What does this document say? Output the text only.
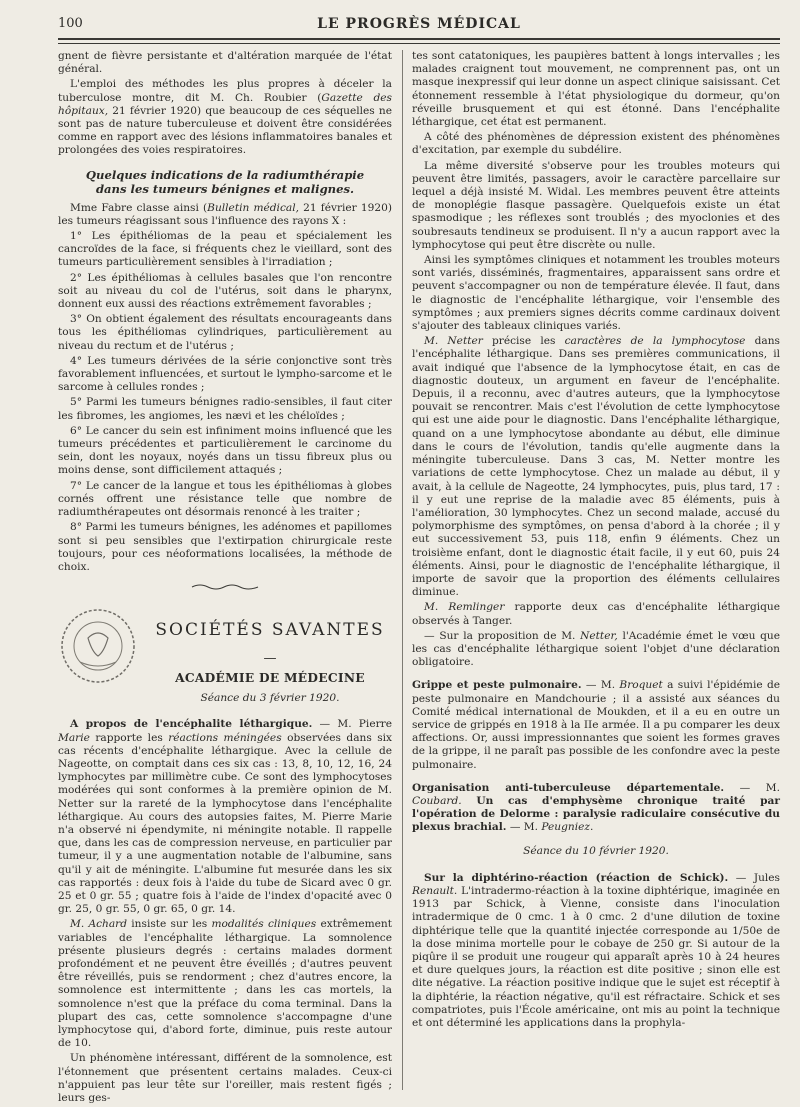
100	LE PROGRÈS MÉDICAL

gnent de fièvre persistante et d'altération marquée de l'état général.

L'emploi des méthodes les plus propres à déceler la tuberculose montre, dit M. Ch. Roubier (Gazette des hôpitaux, 21 février 1920) que beaucoup de ces séquelles ne sont pas de nature tuberculeuse et doivent être considérées comme en rapport avec des lésions inflammatoires banales et prolongées des voies respiratoires.

Quelques indications de la radiumthérapie dans les tumeurs bénignes et malignes.

Mme Fabre classe ainsi (Bulletin médical, 21 février 1920) les tumeurs réagissant sous l'influence des rayons X :

1° Les épithéliomas de la peau et spécialement les cancroïdes de la face, si fréquents chez le vieillard, sont des tumeurs particulièrement sensibles à l'irradiation ;

2° Les épithéliomas à cellules basales que l'on rencontre soit au niveau du col de l'utérus, soit dans le pharynx, donnent eux aussi des réactions extrêmement favorables ;

3° On obtient également des résultats encourageants dans tous les épithéliomas cylindriques, particulièrement au niveau du rectum et de l'utérus ;

4° Les tumeurs dérivées de la série conjonctive sont très favorablement influencées, et surtout le lympho-sarcome et le sarcome à cellules rondes ;

5° Parmi les tumeurs bénignes radio-sensibles, il faut citer les fibromes, les angiomes, les nævi et les chéloïdes ;

6° Le cancer du sein est infiniment moins influencé que les tumeurs précédentes et particulièrement le carcinome du sein, dont les noyaux, noyés dans un tissu fibreux plus ou moins dense, sont difficilement attaqués ;

7° Le cancer de la langue et tous les épithéliomas à globes cornés offrent une résistance telle que nombre de radiumthérapeutes ont désormais renoncé à les traiter ;

8° Parmi les tumeurs bénignes, les adénomes et papillomes sont si peu sensibles que l'extirpation chirurgicale reste toujours, pour ces néoformations localisées, la méthode de choix.

SOCIÉTÉS SAVANTES
—
ACADÉMIE DE MÉDECINE
Séance du 3 février 1920.

A propos de l'encéphalite léthargique. — M. Pierre Marie rapporte les réactions méningées observées dans six cas récents d'encéphalite léthargique. Avec la cellule de Nageotte, on comptait dans ces six cas : 13, 8, 10, 12, 16, 24 lymphocytes par millimètre cube. Ce sont des lymphocytoses modérées qui sont conformes à la première opinion de M. Netter sur la rareté de la lymphocytose dans l'encéphalite léthargique. Au cours des autopsies faites, M. Pierre Marie n'a observé ni épendymite, ni méningite notable. Il rappelle que, dans les cas de compression nerveuse, en particulier par tumeur, il y a une augmentation notable de l'albumine, sans qu'il y ait de méningite. L'albumine fut mesurée dans les six cas rapportés : deux fois à l'aide du tube de Sicard avec 0 gr. 25 et 0 gr. 55 ; quatre fois à l'aide de l'index d'opacité avec 0 gr. 25, 0 gr. 55, 0 gr. 65, 0 gr. 14.

M. Achard insiste sur les modalités cliniques extrêmement variables de l'encéphalite léthargique. La somnolence présente plusieurs degrés : certains malades dorment profondément et ne peuvent être éveillés ; d'autres peuvent être réveillés, puis se rendorment ; chez d'autres encore, la somnolence est intermittente ; dans les cas mortels, la somnolence n'est que la préface du coma terminal. Dans la plupart des cas, cette somnolence s'accompagne d'une lymphocytose qui, d'abord forte, diminue, puis reste autour de 10.

Un phénomène intéressant, différent de la somnolence, est l'étonnement que présentent certains malades. Ceux-ci n'appuient pas leur tête sur l'oreiller, mais restent figés ; leurs ges-

tes sont catatoniques, les paupières battent à longs intervalles ; les malades craignent tout mouvement, ne comprennent pas, ont un masque inexpressif qui leur donne un aspect clinique saisissant. Cet étonnement ressemble à l'état physiologique du dormeur, qu'on réveille brusquement et qui est étonné. Dans l'encéphalite léthargique, cet état est permanent.

A côté des phénomènes de dépression existent des phénomènes d'excitation, par exemple du subdélire.

La même diversité s'observe pour les troubles moteurs qui peuvent être limités, passagers, avoir le caractère parcellaire sur lequel a déjà insisté M. Widal. Les membres peuvent être atteints de monoplégie flasque passagère. Quelquefois existe un état spasmodique ; les réflexes sont troublés ; des myoclonies et des soubresauts tendineux se produisent. Il n'y a aucun rapport avec la lymphocytose qui peut être discrète ou nulle.

Ainsi les symptômes cliniques et notamment les troubles moteurs sont variés, disséminés, fragmentaires, apparaissent sans ordre et peuvent s'accompagner ou non de température élevée. Il faut, dans le diagnostic de l'encéphalite léthargique, voir l'ensemble des symptômes ; aux premiers signes décrits comme cardinaux doivent s'ajouter des tableaux cliniques variés.

M. Netter précise les caractères de la lymphocytose dans l'encéphalite léthargique. Dans ses premières communications, il avait indiqué que l'absence de la lymphocytose était, en cas de diagnostic douteux, un argument en faveur de l'encéphalite. Depuis, il a reconnu, avec d'autres auteurs, que la lymphocytose pouvait se rencontrer. Mais c'est l'évolution de cette lymphocytose qui est une aide pour le diagnostic. Dans l'encéphalite léthargique, quand on a une lymphocytose abondante au début, elle diminue dans le cours de l'évolution, tandis qu'elle augmente dans la méningite tuberculeuse. Dans 3 cas, M. Netter montre les variations de cette lymphocytose. Chez un malade au début, il y avait, à la cellule de Nageotte, 24 lymphocytes, puis, plus tard, 17 : il y eut une reprise de la maladie avec 85 éléments, puis à l'amélioration, 30 lymphocytes. Chez un second malade, accusé du polymorphisme des symptômes, on pensa d'abord à la chorée ; il y eut successivement 53, puis 118, enfin 9 éléments. Chez un troisième enfant, dont le diagnostic était facile, il y eut 60, puis 24 éléments. Ainsi, pour le diagnostic de l'encéphalite léthargique, il importe de savoir que la proportion des éléments cellulaires diminue.

M. Remlinger rapporte deux cas d'encéphalite léthargique observés à Tanger.

— Sur la proposition de M. Netter, l'Académie émet le vœu que les cas d'encéphalite léthargique soient l'objet d'une déclaration obligatoire.

Grippe et peste pulmonaire. — M. Broquet a suivi l'épidémie de peste pulmonaire en Mandchourie ; il a assisté aux séances du Comité médical international de Moukden, et il a eu en outre un service de grippés en 1918 à la IIe armée. Il a pu comparer les deux affections. Or, aussi impressionnantes que soient les formes graves de la grippe, il ne paraît pas possible de les confondre avec la peste pulmonaire.

Organisation anti-tuberculeuse départementale. — M. Coubard. Un cas d'emphysème chronique traité par l'opération de Delorme : paralysie radiculaire consécutive du plexus brachial. — M. Peugniez.

Séance du 10 février 1920.

Sur la diphtérino-réaction (réaction de Schick). — Jules Renault. L'intradermo-réaction à la toxine diphtérique, imaginée en 1913 par Schick, à Vienne, consiste dans l'inoculation intradermique de 0 cmc. 1 à 0 cmc. 2 d'une dilution de toxine diphtérique telle que la quantité injectée corresponde au 1/50e de la dose minima mortelle pour le cobaye de 250 gr. Si autour de la piqûre il se produit une rougeur qui apparaît après 10 à 24 heures et dure quelques jours, la réaction est dite positive ; sinon elle est dite négative. La réaction positive indique que le sujet est réceptif à la diphtérie, la réaction négative, qu'il est réfractaire. Schick et ses compatriotes, puis l'École américaine, ont mis au point la technique et ont déterminé les applications dans la prophyla-
